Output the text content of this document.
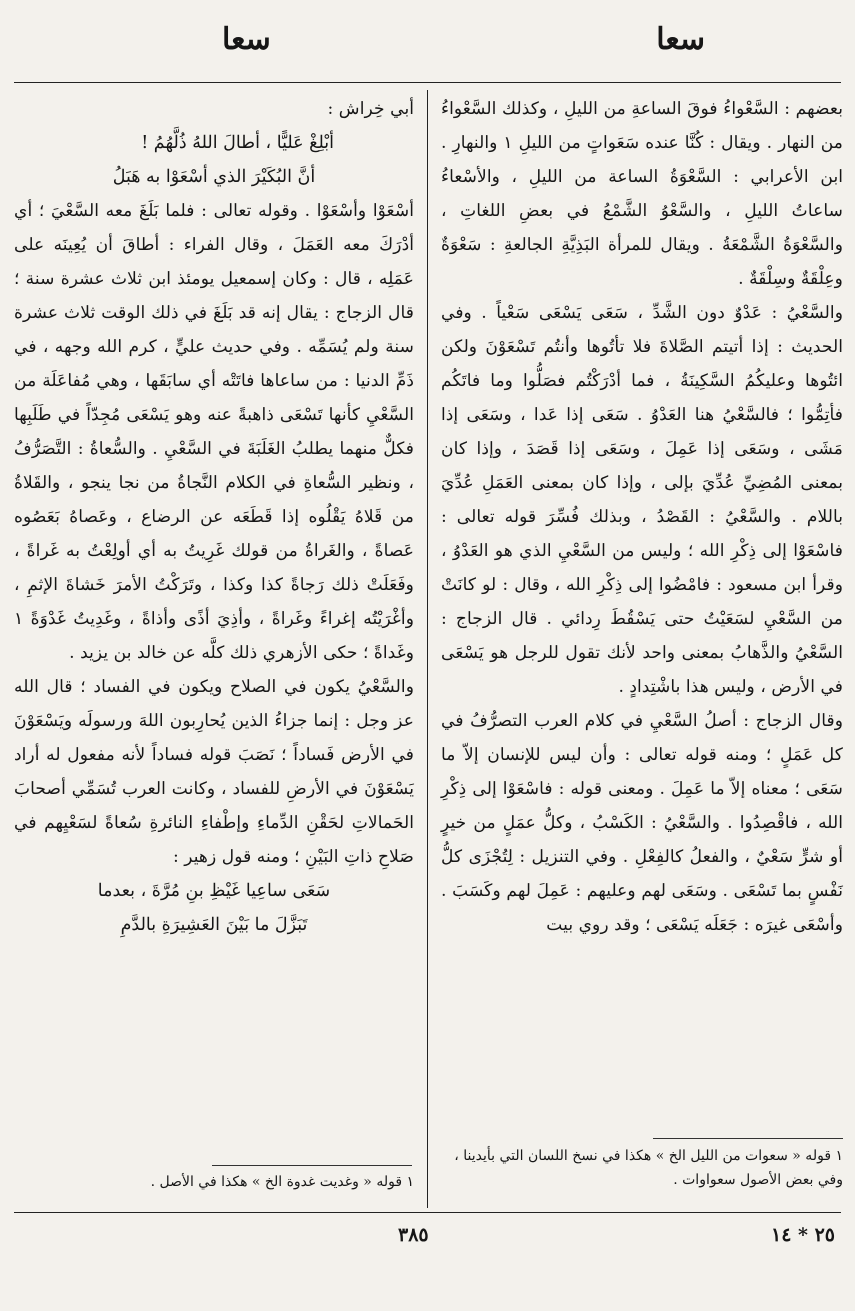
سعا
سعا

بعضهم : السَّعْواءُ فوقَ الساعةِ من الليلِ ، وكذلك السَّعْواءُ من النهار . ويقال : كُنَّا عنده سَعَواتٍ من الليلِ ١ والنهارِ . ابن الأعرابي : السَّعْوَةُ الساعة من الليلِ ، والأسْعاءُ ساعاتُ الليلِ ، والسَّعْوُ الشَّمْعُ في بعضِ اللغاتِ ، والسَّعْوَةُ الشَّمْعَةُ . ويقال للمرأة البَذِيَّةِ الجالعةِ : سَعْوَةٌ وعِلْقَةٌ وسِلْقَةٌ .

والسَّعْيُ : عَدْوٌ دون الشَّدِّ ، سَعَى يَسْعَى سَعْياً . وفي الحديث : إذا أتيتم الصَّلاةَ فلا تأتُوها وأنتُم تَسْعَوْنَ ولكن ائتُوها وعليكُمُ السَّكِينَةُ ، فما أدْرَكْتُم فصَلُّوا وما فاتَكُم فأتِمُّوا ؛ فالسَّعْيُ هنا العَدْوُ . سَعَى إذا عَدا ، وسَعَى إذا مَشَى ، وسَعَى إذا عَمِلَ ، وسَعَى إذا قَصَدَ ، وإذا كان بمعنى المُضِيِّ عُدِّيَ بإلى ، وإذا كان بمعنى العَمَلِ عُدِّيَ باللام . والسَّعْيُ : القَصْدُ ، وبذلك فُسِّرَ قوله تعالى : فاسْعَوْا إلى ذِكْرِ الله ؛ وليس من السَّعْيِ الذي هو العَدْوُ ، وقرأ ابن مسعود : فامْضُوا إلى ذِكْرِ الله ، وقال : لو كانَتْ من السَّعْيِ لسَعَيْتُ حتى يَسْقُطَ رِدائي . قال الزجاج : السَّعْيُ والذَّهابُ بمعنى واحد لأنك تقول للرجل هو يَسْعَى في الأرض ، وليس هذا باشْتِدادٍ .

وقال الزجاج : أصلُ السَّعْيِ في كلام العرب التصرُّفُ في كل عَمَلٍ ؛ ومنه قوله تعالى : وأن ليس للإنسان إلاّ ما سَعَى ؛ معناه إلاّ ما عَمِلَ . ومعنى قوله : فاسْعَوْا إلى ذِكْرِ الله ، فاقْصِدُوا . والسَّعْيُ : الكَسْبُ ، وكلُّ عمَلٍ من خيرٍ أو شرٍّ سَعْيٌ ، والفعلُ كالفِعْلِ . وفي التنزيل : لِتُجْزَى كلُّ نَفْسٍ بما تَسْعَى . وسَعَى لهم وعليهم : عَمِلَ لهم وكَسَبَ . وأسْعَى غيرَه : جَعَلَه يَسْعَى ؛ وقد روي بيت

أبي خِراش :

أبْلِغْ عَليًّا ، أطالَ اللهُ ذُلَّهُمُ !

أنَّ البُكَيْرَ الذي أسْعَوْا به هَبَلُ

أسْعَوْا وأسْعَوْا . وقوله تعالى : فلما بَلَغَ معه السَّعْيَ ؛ أي أدْرَكَ معه العَمَلَ ، وقال الفراء : أطاقَ أن يُعِينَه على عَمَلِه ، قال : وكان إسمعيل يومئذ ابن ثلاث عشرة سنة ؛ قال الزجاج : يقال إنه قد بَلَغَ في ذلك الوقت ثلاث عشرة سنة ولم يُسَمِّه . وفي حديث عليٍّ ، كرم الله وجهه ، في ذَمِّ الدنيا : من ساعاها فاتَتْه أي سابَقَها ، وهي مُفاعَلَة من السَّعْيِ كأنها تَسْعَى ذاهبةً عنه وهو يَسْعَى مُجِدّاً في طَلَبِها فكلٌّ منهما يطلبُ الغَلَبَةَ في السَّعْيِ . والسُّعاةُ : التَّصَرُّفُ ، ونظير السُّعاةِ في الكلام النَّجاةُ من نجا ينجو ، والقَلاةُ من قَلاهُ يَقْلُوه إذا قَطَعَه عن الرضاع ، وعَصاهُ بَعَصُوه عَصاةً ، والغَراةُ من قولك غَرِيتُ به أي أولِعْتُ به غَراةً ، وفَعَلَتْ ذلك رَجاةً كذا وكذا ، وتَرَكْتُ الأمرَ خَشاةَ الإثمِ ، وأغْرَيْتُه إغراءً وغَراةً ، وأذِيَ أذًى وأذاةً ، وغَدِيتُ غَدْوَةً ١ وغَداةً ؛ حكى الأزهري ذلك كلَّه عن خالد بن يزيد .

والسَّعْيُ يكون في الصلاح ويكون في الفساد ؛ قال الله عز وجل : إنما جزاءُ الذين يُحارِبون اللهَ ورسولَه ويَسْعَوْنَ في الأرض فَساداً ؛ نَصَبَ قوله فساداً لأنه مفعول له أراد يَسْعَوْنَ في الأرضِ للفساد ، وكانت العرب تُسَمِّي أصحابَ الحَمالاتِ لحَقْنِ الدِّماءِ وإطْفاءِ النائرةِ سُعاةً لسَعْيِهم في صَلاحِ ذاتِ البَيْنِ ؛ ومنه قول زهير :

سَعَى ساعِيا غَيْظِ بنِ مُرَّةَ ، بعدما

تَبَزَّلَ ما بَيْنَ العَشِيرَةِ بالدَّمِ

١ قوله « سعوات من الليل الخ » هكذا في نسخ اللسان التي بأيدينا ، وفي بعض الأصول سعواوات .
١ قوله « وغديت غدوة الخ » هكذا في الأصل .
٣٨٥	٢٥ * ١٤
